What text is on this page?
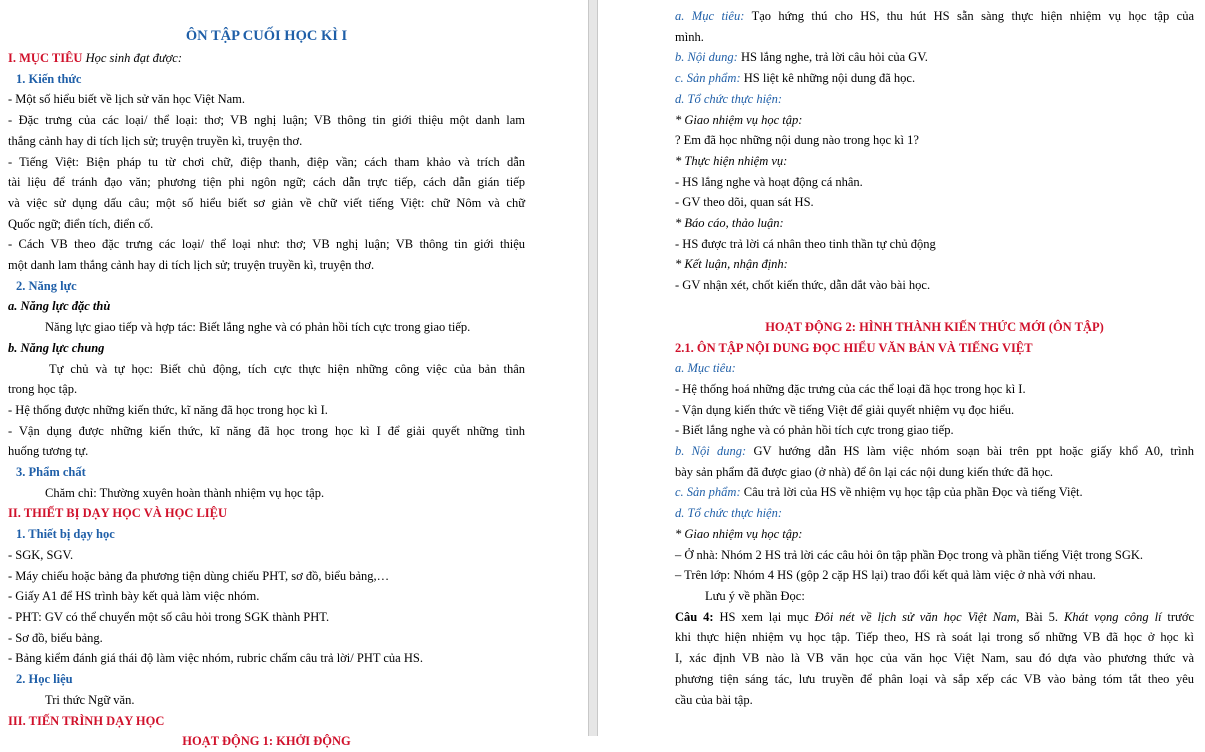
ÔN TẬP CUỐI HỌC KÌ I
I. MỤC TIÊU Học sinh đạt được:
1. Kiến thức
- Một số hiểu biết về lịch sử văn học Việt Nam.
- Đặc trưng của các loại/ thể loại: thơ; VB nghị luận; VB thông tin giới thiệu một danh lam
thắng cảnh hay di tích lịch sử; truyện truyền kì, truyện thơ.
- Tiếng Việt: Biện pháp tu từ chơi chữ, điệp thanh, điệp vần; cách tham khảo và trích dẫn
tài liệu để tránh đạo văn; phương tiện phi ngôn ngữ; cách dẫn trực tiếp, cách dẫn gián tiếp
và việc sử dụng dấu câu; một số hiểu biết sơ giản về chữ viết tiếng Việt: chữ Nôm và chữ
Quốc ngữ; điển tích, điển cố.
- Cách VB theo đặc trưng các loại/ thể loại như: thơ; VB nghị luận; VB thông tin giới thiệu
một danh lam thắng cảnh hay di tích lịch sử; truyện truyền kì, truyện thơ.
2. Năng lực
a. Năng lực đặc thù
Năng lực giao tiếp và hợp tác: Biết lắng nghe và có phản hồi tích cực trong giao tiếp.
b. Năng lực chung
Tự chủ và tự học: Biết chủ động, tích cực thực hiện những công việc của bản thân
trong học tập.
- Hệ thống được những kiến thức, kĩ năng đã học trong học kì I.
- Vận dụng được những kiến thức, kĩ năng đã học trong học kì I để giải quyết những tình
huống tương tự.
3. Phẩm chất
Chăm chỉ: Thường xuyên hoàn thành nhiệm vụ học tập.
II. THIẾT BỊ DẠY HỌC VÀ HỌC LIỆU
1. Thiết bị dạy học
- SGK, SGV.
- Máy chiếu hoặc bảng đa phương tiện dùng chiếu PHT, sơ đồ, biểu bảng,…
- Giấy A1 để HS trình bày kết quả làm việc nhóm.
- PHT: GV có thể chuyển một số câu hỏi trong SGK thành PHT.
- Sơ đồ, biểu bảng.
- Bảng kiểm đánh giá thái độ làm việc nhóm, rubric chấm câu trả lời/ PHT của HS.
2. Học liệu
Tri thức Ngữ văn.
III. TIẾN TRÌNH DẠY HỌC
HOẠT ĐỘNG 1: KHỞI ĐỘNG
a. Mục tiêu: Tạo hứng thú cho HS, thu hút HS sẵn sàng thực hiện nhiệm vụ học tập của
mình.
b. Nội dung: HS lắng nghe, trả lời câu hỏi của GV.
c. Sản phẩm: HS liệt kê những nội dung đã học.
d. Tổ chức thực hiện:
* Giao nhiệm vụ học tập:
? Em đã học những nội dung nào trong học kì 1?
* Thực hiện nhiệm vụ:
- HS lắng nghe và hoạt động cá nhân.
- GV theo dõi, quan sát HS.
* Báo cáo, thảo luận:
- HS được trả lời cá nhân theo tinh thần tự chủ động
* Kết luận, nhận định:
- GV nhận xét, chốt kiến thức, dẫn dắt vào bài học.
HOẠT ĐỘNG 2: HÌNH THÀNH KIẾN THỨC MỚI (ÔN TẬP)
2.1. ÔN TẬP NỘI DUNG ĐỌC HIỂU VĂN BẢN VÀ TIẾNG VIỆT
a. Mục tiêu:
- Hệ thống hoá những đặc trưng của các thể loại đã học trong học kì I.
- Vận dụng kiến thức về tiếng Việt để giải quyết nhiệm vụ đọc hiểu.
- Biết lắng nghe và có phản hồi tích cực trong giao tiếp.
b. Nội dung: GV hướng dẫn HS làm việc nhóm soạn bài trên ppt hoặc giấy khổ A0, trình
bày sản phẩm đã được giao (ở nhà) để ôn lại các nội dung kiến thức đã học.
c. Sản phẩm: Câu trả lời của HS về nhiệm vụ học tập của phần Đọc và tiếng Việt.
d. Tổ chức thực hiện:
* Giao nhiệm vụ học tập:
– Ở nhà: Nhóm 2 HS trả lời các câu hỏi ôn tập phần Đọc trong và phần tiếng Việt trong SGK.
– Trên lớp: Nhóm 4 HS (gộp 2 cặp HS lại) trao đổi kết quả làm việc ở nhà với nhau.
Lưu ý về phần Đọc:
Câu 4: HS xem lại mục Đôi nét về lịch sử văn học Việt Nam, Bài 5. Khát vọng công lí trước
khi thực hiện nhiệm vụ học tập. Tiếp theo, HS rà soát lại trong số những VB đã học ở học kì
I, xác định VB nào là VB văn học của văn học Việt Nam, sau đó dựa vào phương thức và
phương tiện sáng tác, lưu truyền để phân loại và sắp xếp các VB vào bảng tóm tắt theo yêu
cầu của bài tập.
